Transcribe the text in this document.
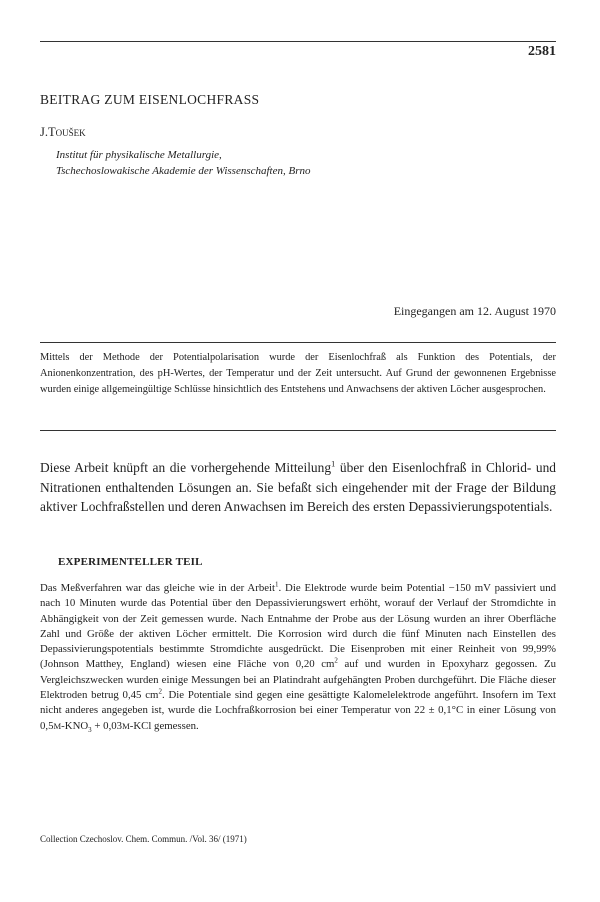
2581
BEITRAG ZUM EISENLOCHFRASS
J.Toušek
Institut für physikalische Metallurgie,
Tschechoslowakische Akademie der Wissenschaften, Brno
Eingegangen am 12. August 1970
Mittels der Methode der Potentialpolarisation wurde der Eisenlochfraß als Funktion des Potentials, der Anionenkonzentration, des pH-Wertes, der Temperatur und der Zeit untersucht. Auf Grund der gewonnenen Ergebnisse wurden einige allgemeingültige Schlüsse hinsichtlich des Entstehens und Anwachsens der aktiven Löcher ausgesprochen.
Diese Arbeit knüpft an die vorhergehende Mitteilung$^1$ über den Eisenlochfraß in Chlorid- und Nitrationen enthaltenden Lösungen an. Sie befaßt sich eingehender mit der Frage der Bildung aktiver Lochfraßstellen und deren Anwachsen im Bereich des ersten Depassivierungspotentials.
EXPERIMENTELLER TEIL
Das Meßverfahren war das gleiche wie in der Arbeit$^1$. Die Elektrode wurde beim Potential −150 mV passiviert und nach 10 Minuten wurde das Potential über den Depassivierungswert erhöht, worauf der Verlauf der Stromdichte in Abhängigkeit von der Zeit gemessen wurde. Nach Entnahme der Probe aus der Lösung wurden an ihrer Oberfläche Zahl und Größe der aktiven Löcher ermittelt. Die Korrosion wird durch die fünf Minuten nach Einstellen des Depassivierungspotentials bestimmte Stromdichte ausgedrückt. Die Eisenproben mit einer Reinheit von 99,99% (Johnson Matthey, England) wiesen eine Fläche von 0,20 $cm^2$ auf und wurden in Epoxyharz gegossen. Zu Vergleichszwecken wurden einige Messungen bei an Platindraht aufgehängten Proben durchgeführt. Die Fläche dieser Elektroden betrug 0,45 $cm^2$. Die Potentiale sind gegen eine gesättigte Kalomelelektrode angeführt. Insofern im Text nicht anderes angegeben ist, wurde die Lochfraßkorrosion bei einer Temperatur von 22 ± 0,1°C in einer Lösung von $0,5M-KNO_3 + 0,03M-KCl$ gemessen.
Collection Czechoslov. Chem. Commun. /Vol. 36/ (1971)
